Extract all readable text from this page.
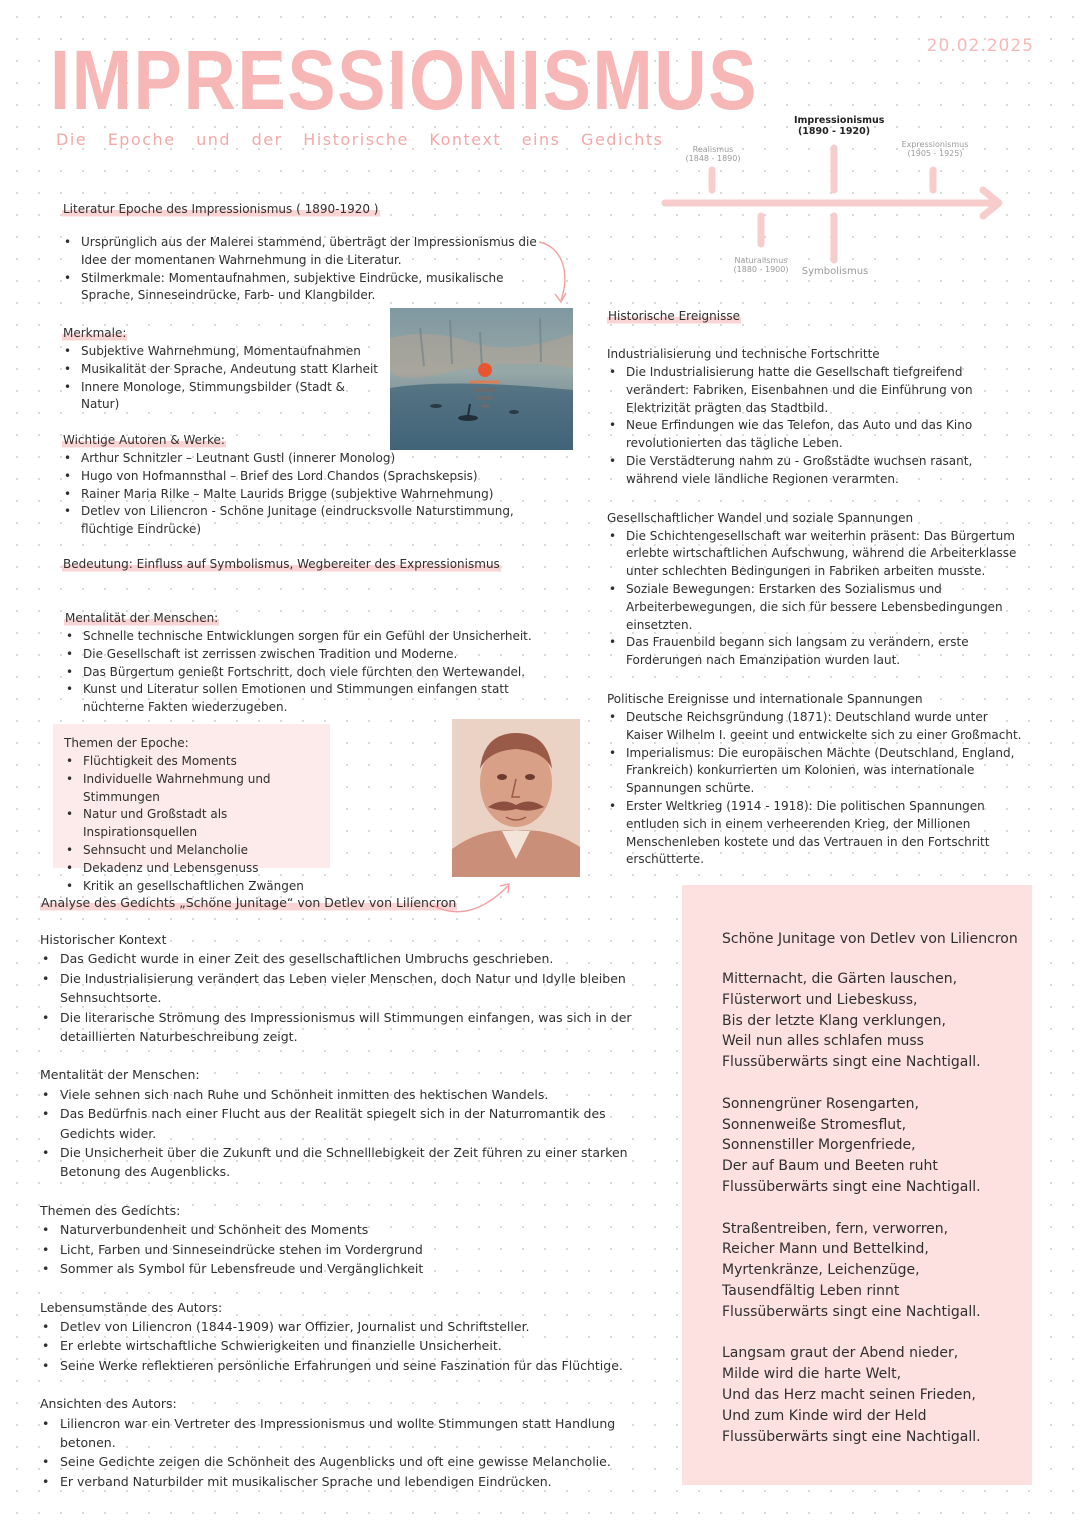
IMPRESSIONISMUS
Die Epoche und der Historische Kontext eins Gedichts
20.02.2025
Realismus
(1848 - 1890)
Impressionismus
(1890 - 1920)
Expressionismus
(1905 - 1925)
Naturalismus
(1880 - 1900)	Symbolismus
Literatur Epoche des Impressionismus ( 1890-1920 )
• Ursprünglich aus der Malerei stammend, überträgt der Impressionismus die Idee der momentanen Wahrnehmung in die Literatur.
• Stilmerkmale: Momentaufnahmen, subjektive Eindrücke, musikalische Sprache, Sinneseindrücke, Farb- und Klangbilder.
Merkmale:
• Subjektive Wahrnehmung, Momentaufnahmen
• Musikalität der Sprache, Andeutung statt Klarheit
• Innere Monologe, Stimmungsbilder (Stadt & Natur)
Wichtige Autoren & Werke:
• Arthur Schnitzler – Leutnant Gustl (innerer Monolog)
• Hugo von Hofmannsthal – Brief des Lord Chandos (Sprachskepsis)
• Rainer Maria Rilke – Malte Laurids Brigge (subjektive Wahrnehmung)
• Detlev von Liliencron - Schöne Junitage (eindrucksvolle Naturstimmung, flüchtige Eindrücke)
Bedeutung: Einfluss auf Symbolismus, Wegbereiter des Expressionismus
Mentalität der Menschen:
• Schnelle technische Entwicklungen sorgen für ein Gefühl der Unsicherheit.
• Die Gesellschaft ist zerrissen zwischen Tradition und Moderne.
• Das Bürgertum genießt Fortschritt, doch viele fürchten den Wertewandel.
• Kunst und Literatur sollen Emotionen und Stimmungen einfangen statt nüchterne Fakten wiederzugeben.
Themen der Epoche:
• Flüchtigkeit des Moments
• Individuelle Wahrnehmung und Stimmungen
• Natur und Großstadt als Inspirationsquellen
• Sehnsucht und Melancholie
• Dekadenz und Lebensgenuss
• Kritik an gesellschaftlichen Zwängen
Historische Ereignisse
Industrialisierung und technische Fortschritte
• Die Industrialisierung hatte die Gesellschaft tiefgreifend verändert: Fabriken, Eisenbahnen und die Einführung von Elektrizität prägten das Stadtbild.
• Neue Erfindungen wie das Telefon, das Auto und das Kino revolutionierten das tägliche Leben.
• Die Verstädterung nahm zu - Großstädte wuchsen rasant, während viele ländliche Regionen verarmten.
Gesellschaftlicher Wandel und soziale Spannungen
• Die Schichtengesellschaft war weiterhin präsent: Das Bürgertum erlebte wirtschaftlichen Aufschwung, während die Arbeiterklasse unter schlechten Bedingungen in Fabriken arbeiten musste.
• Soziale Bewegungen: Erstarken des Sozialismus und Arbeiterbewegungen, die sich für bessere Lebensbedingungen einsetzten.
• Das Frauenbild begann sich langsam zu verändern, erste Forderungen nach Emanzipation wurden laut.
Politische Ereignisse und internationale Spannungen
• Deutsche Reichsgründung (1871): Deutschland wurde unter Kaiser Wilhelm I. geeint und entwickelte sich zu einer Großmacht.
• Imperialismus: Die europäischen Mächte (Deutschland, England, Frankreich) konkurrierten um Kolonien, was internationale Spannungen schürte.
• Erster Weltkrieg (1914 - 1918): Die politischen Spannungen entluden sich in einem verheerenden Krieg, der Millionen Menschenleben kostete und das Vertrauen in den Fortschritt erschütterte.
Analyse des Gedichts „Schöne Junitage“ von Detlev von Liliencron
Historischer Kontext
• Das Gedicht wurde in einer Zeit des gesellschaftlichen Umbruchs geschrieben.
• Die Industrialisierung verändert das Leben vieler Menschen, doch Natur und Idylle bleiben Sehnsuchtsorte.
• Die literarische Strömung des Impressionismus will Stimmungen einfangen, was sich in der detaillierten Naturbeschreibung zeigt.
Mentalität der Menschen:
• Viele sehnen sich nach Ruhe und Schönheit inmitten des hektischen Wandels.
• Das Bedürfnis nach einer Flucht aus der Realität spiegelt sich in der Naturromantik des Gedichts wider.
• Die Unsicherheit über die Zukunft und die Schnelllebigkeit der Zeit führen zu einer starken Betonung des Augenblicks.
Themen des Gedichts:
• Naturverbundenheit und Schönheit des Moments
• Licht, Farben und Sinneseindrücke stehen im Vordergrund
• Sommer als Symbol für Lebensfreude und Vergänglichkeit
Lebensumstände des Autors:
• Detlev von Liliencron (1844-1909) war Offizier, Journalist und Schriftsteller.
• Er erlebte wirtschaftliche Schwierigkeiten und finanzielle Unsicherheit.
• Seine Werke reflektieren persönliche Erfahrungen und seine Faszination für das Flüchtige.
Ansichten des Autors:
• Liliencron war ein Vertreter des Impressionismus und wollte Stimmungen statt Handlung betonen.
• Seine Gedichte zeigen die Schönheit des Augenblicks und oft eine gewisse Melancholie.
• Er verband Naturbilder mit musikalischer Sprache und lebendigen Eindrücken.
Schöne Junitage von Detlev von Liliencron
Mitternacht, die Gärten lauschen,
Flüsterwort und Liebeskuss,
Bis der letzte Klang verklungen,
Weil nun alles schlafen muss
Flussüberwärts singt eine Nachtigall.
Sonnengrüner Rosengarten,
Sonnenweiße Stromesflut,
Sonnenstiller Morgenfriede,
Der auf Baum und Beeten ruht
Flussüberwärts singt eine Nachtigall.
Straßentreiben, fern, verworren,
Reicher Mann und Bettelkind,
Myrtenkränze, Leichenzüge,
Tausendfältig Leben rinnt
Flussüberwärts singt eine Nachtigall.
Langsam graut der Abend nieder,
Milde wird die harte Welt,
Und das Herz macht seinen Frieden,
Und zum Kinde wird der Held
Flussüberwärts singt eine Nachtigall.
